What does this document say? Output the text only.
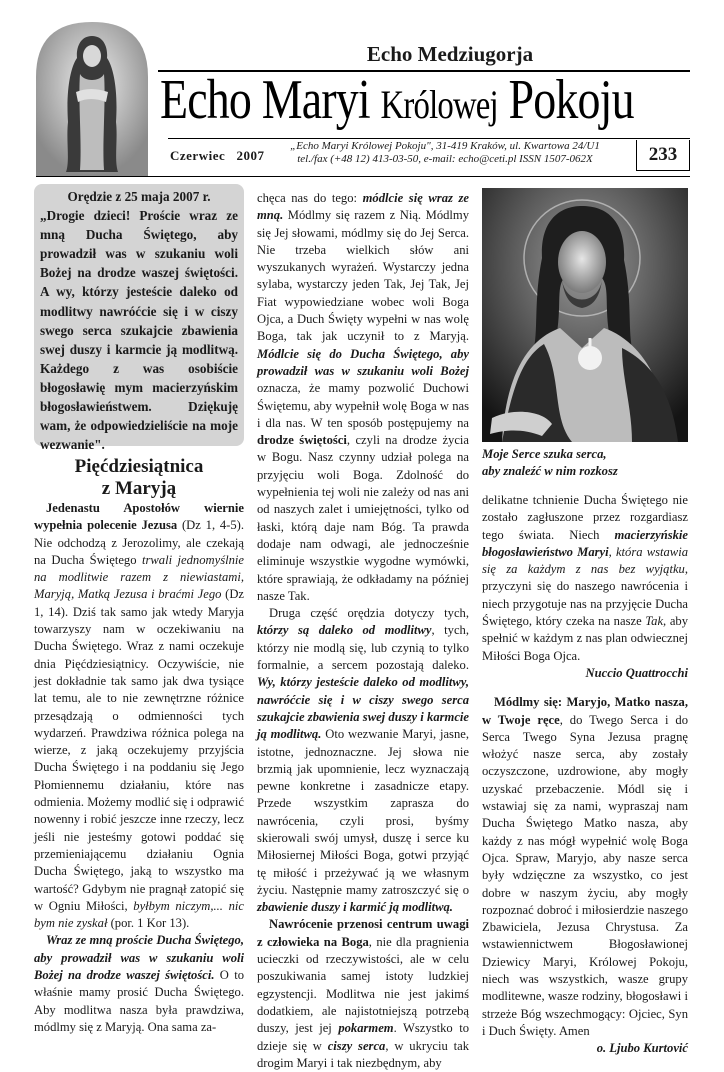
Echo Medziugorja
Echo Maryi Królowej Pokoju
Czerwiec   2007
„Echo Maryi Królowej Pokoju", 31-419 Kraków, ul. Kwartowa 24/U1
tel./fax (+48 12) 413-03-50, e-mail: echo@ceti.pl ISSN 1507-062X	233
Orędzie z 25 maja 2007 r.
„Drogie dzieci! Proście wraz ze mną Ducha Świętego, aby prowadził was w szukaniu woli Bożej na drodze waszej świętości. A wy, którzy jesteście daleko od modlitwy nawróćcie się i w ciszy swego serca szukajcie zbawienia swej duszy i karmcie ją modlitwą. Każdego z was osobiście błogosławię mym macierzyńskim błogosławieństwem. Dziękuję wam, że odpowiedzieliście na moje wezwanie".
Pięćdziesiątnica
z Maryją

Jedenastu Apostołów wiernie wypełnia polecenie Jezusa (Dz 1, 4-5). Nie odchodzą z Jerozolimy, ale czekają na Ducha Świętego trwali jednomyślnie na modlitwie razem z niewiastami, Maryją, Matką Jezusa i braćmi Jego (Dz 1, 14). Dziś tak samo jak wtedy Maryja towarzyszy nam w oczekiwaniu na Ducha Świętego. Wraz z nami oczekuje dnia Pięćdziesiątnicy. Oczywiście, nie jest dokładnie tak samo jak dwa tysiące lat temu, ale to nie zewnętrzne różnice przesądzają o odmienności tych wydarzeń. Prawdziwa różnica polega na wierze, z jaką oczekujemy przyjścia Ducha Świętego i na poddaniu się Jego Płomiennemu działaniu, które nas odmienia. Możemy modlić się i odprawić nowenny i robić jeszcze inne rzeczy, lecz jeśli nie jesteśmy gotowi poddać się przemieniającemu działaniu Ognia Ducha Świętego, jaką to wszystko ma wartość? Gdybym nie pragnął zatopić się w Ogniu Miłości, byłbym niczym,... nic bym nie zyskał (por. 1 Kor 13).

Wraz ze mną proście Ducha Świętego, aby prowadził was w szukaniu woli Bożej na drodze waszej świętości. O to właśnie mamy prosić Ducha Świętego. Aby modlitwa nasza była prawdziwa, módlmy się z Maryją. Ona sama za-

chęca nas do tego: módlcie się wraz ze mną. Módlmy się razem z Nią. Módlmy się Jej słowami, módlmy się do Jej Serca. Nie trzeba wielkich słów ani wyszukanych wyrażeń. Wystarczy jedna sylaba, wystarczy jeden Tak, Jej Tak, Jej Fiat wypowiedziane wobec woli Boga Ojca, a Duch Święty wypełni w nas wolę Boga, tak jak uczynił to z Maryją. Módlcie się do Ducha Świętego, aby prowadził was w szukaniu woli Bożej oznacza, że mamy pozwolić Duchowi Świętemu, aby wypełnił wolę Boga w nas i dla nas. W ten sposób postępujemy na drodze świętości, czyli na drodze życia w Bogu. Nasz czynny udział polega na przyjęciu woli Boga. Zdolność do wypełnienia tej woli nie zależy od nas ani od naszych zalet i umiejętności, tylko od łaski, którą daje nam Bóg. Ta prawda dodaje nam odwagi, ale jednocześnie eliminuje wszystkie wygodne wymówki, które sprawiają, że odkładamy na później nasze Tak.

Druga część orędzia dotyczy tych, którzy są daleko od modlitwy, tych, którzy nie modlą się, lub czynią to tylko formalnie, a sercem pozostają daleko. Wy, którzy jesteście daleko od modlitwy, nawróćcie się i w ciszy swego serca szukajcie zbawienia swej duszy i karmcie ją modlitwą. Oto wezwanie Maryi, jasne, istotne, jednoznaczne. Jej słowa nie brzmią jak upomnienie, lecz wyznaczają pewne konkretne i zasadnicze etapy. Przede wszystkim zaprasza do nawrócenia, czyli prosi, byśmy skierowali swój umysł, duszę i serce ku Miłosiernej Miłości Boga, gotwi przyjąć tę miłość i przeżywać ją we własnym życiu. Następnie mamy zatroszczyć się o zbawienie duszy i karmić ją modlitwą.

Nawrócenie przenosi centrum uwagi z człowieka na Boga, nie dla pragnienia ucieczki od rzeczywistości, ale w celu poszukiwania samej istoty ludzkiej egzystencji. Modlitwa nie jest jakimś dodatkiem, ale najistotniejszą potrzebą duszy, jest jej pokarmem. Wszystko to dzieje się w ciszy serca, w ukryciu tak drogim Maryi i tak niezbędnym, aby

Moje Serce szuka serca,
aby znaleźć w nim rozkosz

delikatne tchnienie Ducha Świętego nie zostało zagłuszone przez rozgardiasz tego świata. Niech macierzyńskie błogosławieństwo Maryi, która wstawia się za każdym z nas bez wyjątku, przyczyni się do naszego nawrócenia i niech przygotuje nas na przyjęcie Ducha Świętego, który czeka na nasze Tak, aby spełnić w każdym z nas plan odwiecznej Miłości Boga Ojca.

Nuccio Quattrocchi

Módlmy się: Maryjo, Matko nasza, w Twoje ręce, do Twego Serca i do Serca Twego Syna Jezusa pragnę włożyć nasze serca, aby zostały oczyszczone, uzdrowione, aby mogły uzyskać przebaczenie. Módl się i wstawiaj się za nami, wypraszaj nam Ducha Świętego Matko nasza, aby każdy z nas mógł wypełnić wolę Boga Ojca. Spraw, Maryjo, aby nasze serca były wdzięczne za wszystko, co jest dobre w naszym życiu, aby mogły rozpoznać dobroć i miłosierdzie naszego Zbawiciela, Jezusa Chrystusa. Za wstawiennictwem Błogosławionej Dziewicy Maryi, Królowej Pokoju, niech was wszystkich, wasze grupy modlitewne, wasze rodziny, błogosławi i strzeże Bóg wszechmogący: Ojciec, Syn i Duch Święty. Amen

o. Ljubo Kurtović
